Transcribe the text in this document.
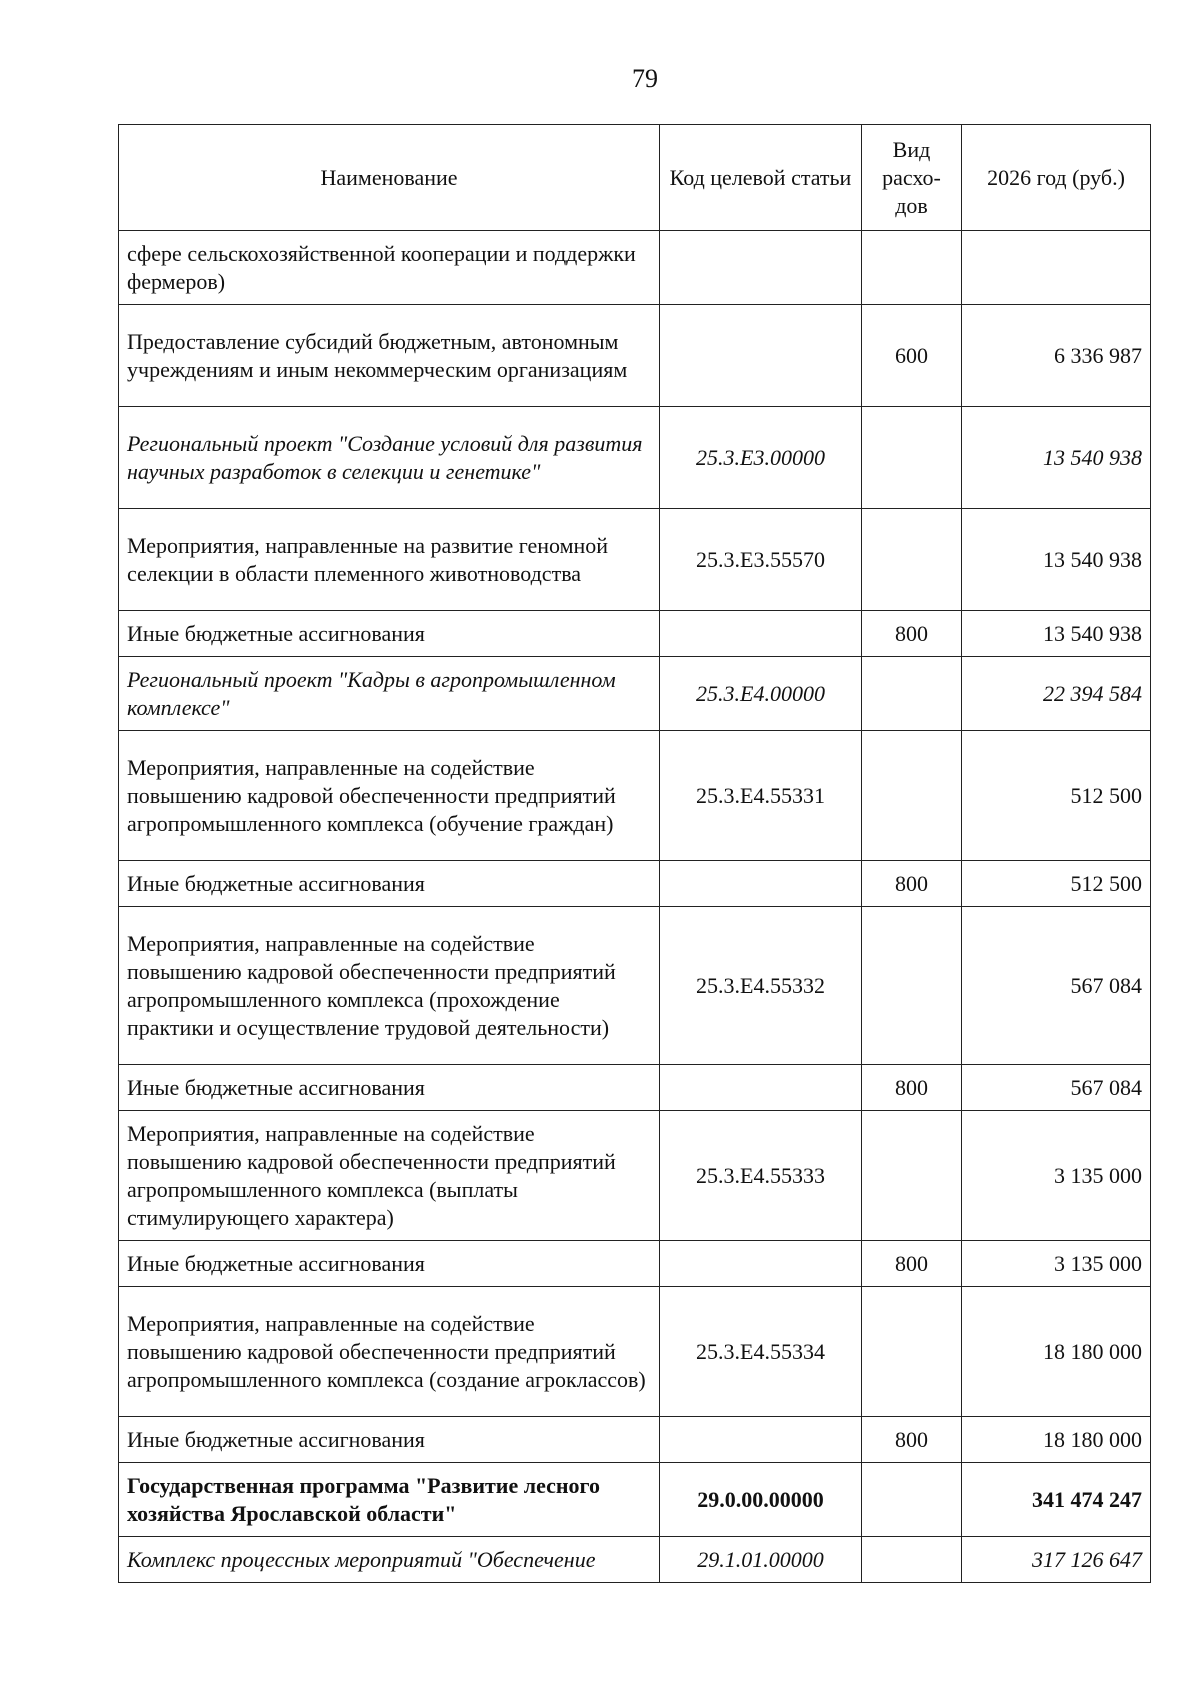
79
Наименование	Код целевой статьи	Вид расхо-дов	2026 год (руб.)
сфере сельскохозяйственной кооперации и поддержки фермеров)			
Предоставление субсидий бюджетным, автономным учреждениям и иным некоммерческим организациям		600	6 336 987
Региональный проект "Создание условий для развития научных разработок в селекции и генетике"	25.3.E3.00000		13 540 938
Мероприятия, направленные на развитие геномной селекции в области племенного животноводства	25.3.E3.55570		13 540 938
Иные бюджетные ассигнования		800	13 540 938
Региональный проект "Кадры в агропромышленном комплексе"	25.3.E4.00000		22 394 584
Мероприятия, направленные на содействие повышению кадровой обеспеченности предприятий агропромышленного комплекса (обучение граждан)	25.3.E4.55331		512 500
Иные бюджетные ассигнования		800	512 500
Мероприятия, направленные на содействие повышению кадровой обеспеченности предприятий агропромышленного комплекса (прохождение практики и осуществление трудовой деятельности)	25.3.E4.55332		567 084
Иные бюджетные ассигнования		800	567 084
Мероприятия, направленные на содействие повышению кадровой обеспеченности предприятий агропромышленного комплекса (выплаты стимулирующего характера)	25.3.E4.55333		3 135 000
Иные бюджетные ассигнования		800	3 135 000
Мероприятия, направленные на содействие повышению кадровой обеспеченности предприятий агропромышленного комплекса (создание агроклассов)	25.3.E4.55334		18 180 000
Иные бюджетные ассигнования		800	18 180 000
Государственная программа "Развитие лесного хозяйства Ярославской области"	29.0.00.00000		341 474 247
Комплекс процессных мероприятий "Обеспечение	29.1.01.00000		317 126 647
